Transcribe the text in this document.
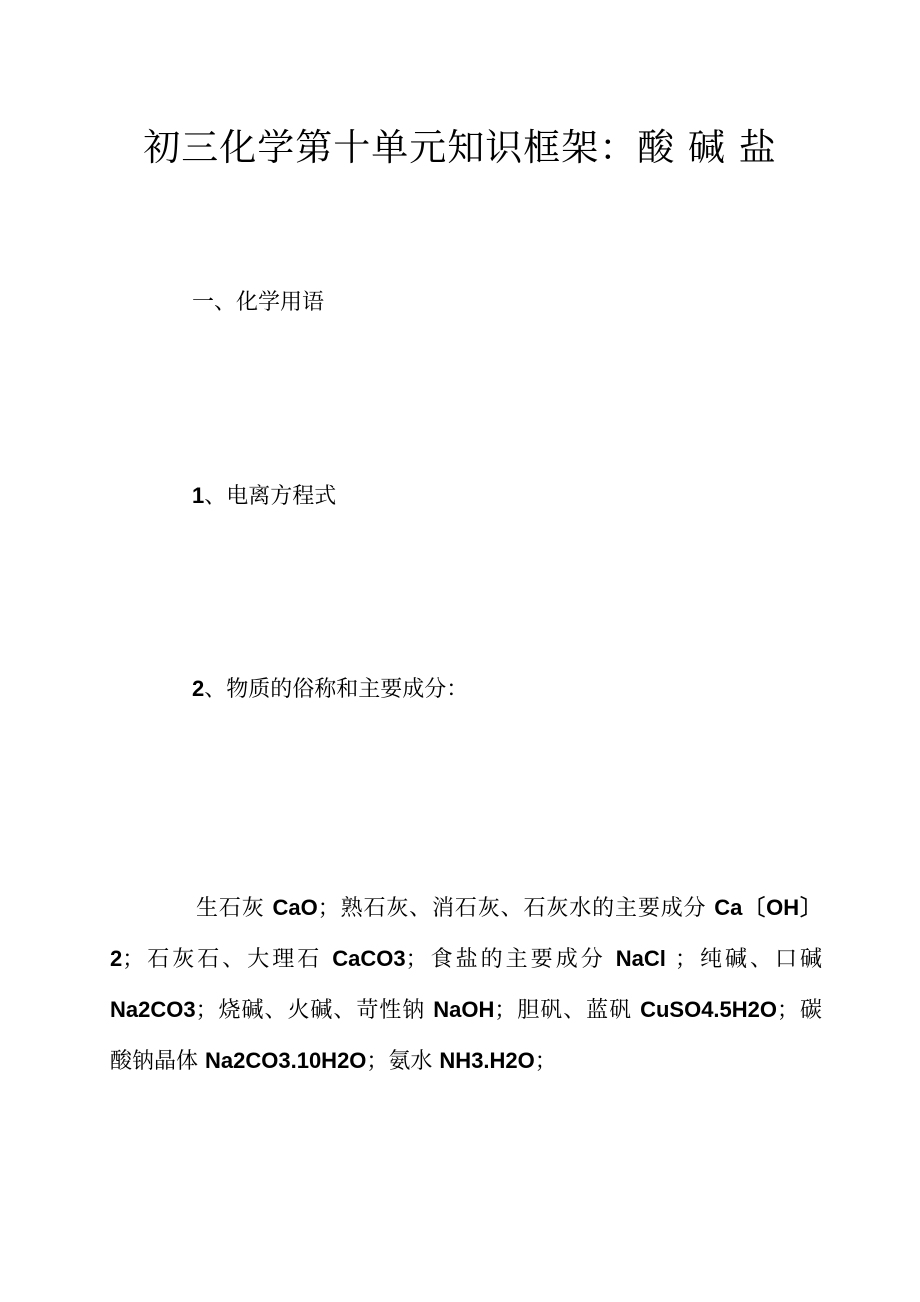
初三化学第十单元知识框架：酸 碱 盐
一、化学用语
1、电离方程式
2、物质的俗称和主要成分：

生石灰 CaO；熟石灰、消石灰、石灰水的主要成分 Ca〔OH〕2；石灰石、大理石 CaCO3；食盐的主要成分 NaCl ；纯碱、口碱 Na2CO3；烧碱、火碱、苛性钠 NaOH；胆矾、蓝矾 CuSO4.5H2O；碳酸钠晶体 Na2CO3.10H2O；氨水 NH3.H2O；
